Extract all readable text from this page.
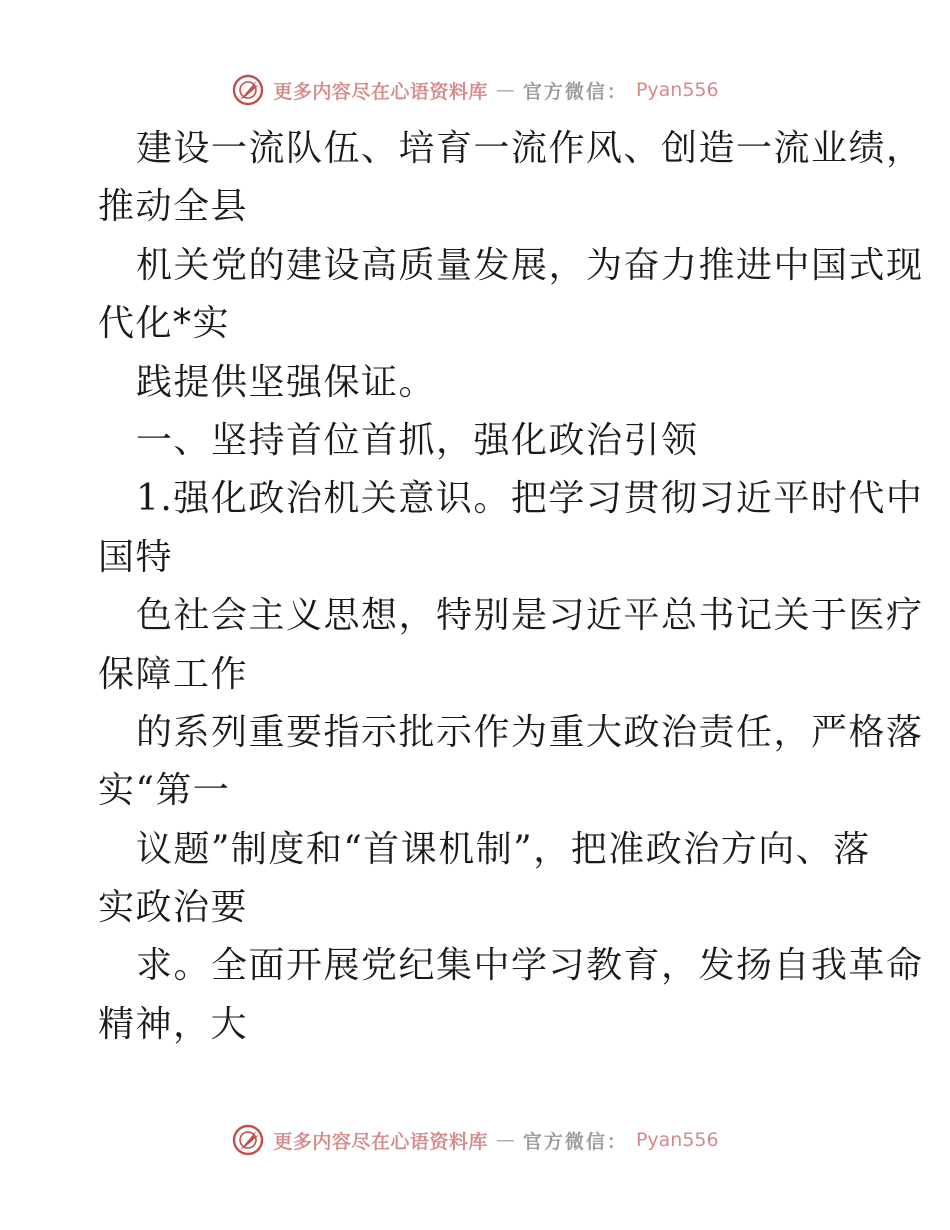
更多内容尽在心语资料库 — 官方微信： Pyan556
建设一流队伍、培育一流作风、创造一流业绩，
推动全县
机关党的建设高质量发展，为奋力推进中国式现
代化*实
践提供坚强保证。
一、坚持首位首抓，强化政治引领
1.强化政治机关意识。把学习贯彻习近平时代中
国特
色社会主义思想，特别是习近平总书记关于医疗
保障工作
的系列重要指示批示作为重大政治责任，严格落
实“第一
议题”制度和“首课机制”，把准政治方向、落
实政治要
求。全面开展党纪集中学习教育，发扬自我革命
精神，大
更多内容尽在心语资料库 — 官方微信： Pyan556
